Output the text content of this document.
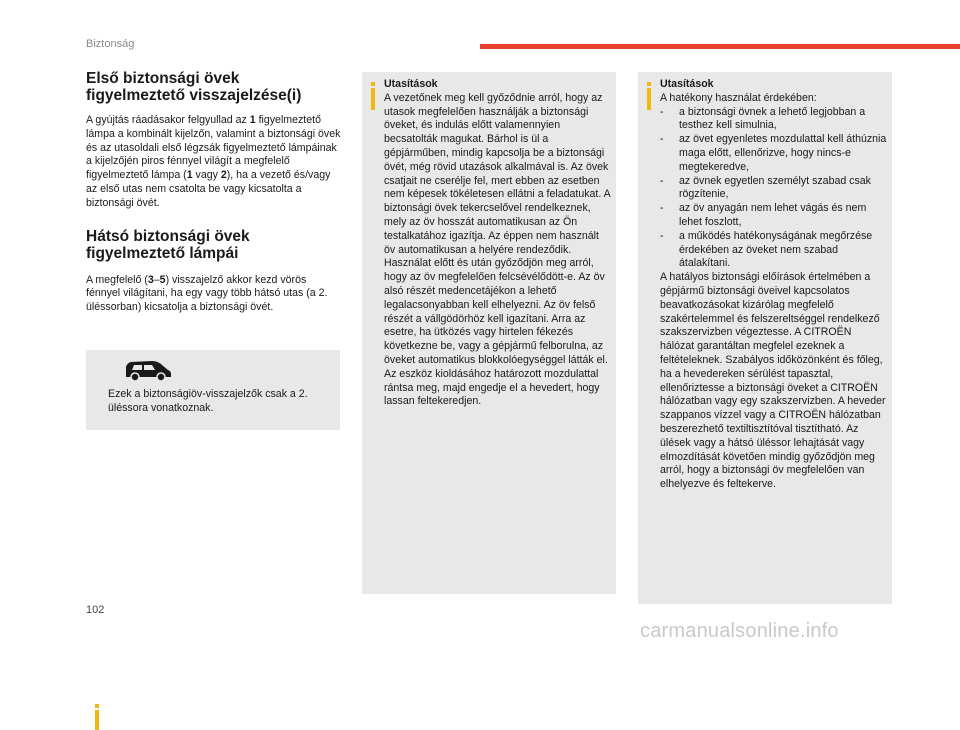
Biztonság
Első biztonsági övek
figyelmeztető visszajelzése(i)

A gyújtás ráadásakor felgyullad az 1 figyelmeztető lámpa a kombinált kijelzőn, valamint a biztonsági övek és az utasoldali első légzsák figyelmeztető lámpáinak a kijelzőjén piros fénnyel világít a megfelelő figyelmeztető lámpa (1 vagy 2), ha a vezető és/vagy az első utas nem csatolta be vagy kicsatolta a biztonsági övét.

Hátsó biztonsági övek
figyelmeztető lámpái

A megfelelő (3–5) visszajelző akkor kezd vörös fénnyel világítani, ha egy vagy több hátsó utas (a 2. üléssorban) kicsatolja a biztonsági övét.

Ezek a biztonságiöv-visszajelzők csak a 2. üléssora vonatkoznak.
Utasítások
A vezetőnek meg kell győződnie arról, hogy az utasok megfelelően használják a biztonsági öveket, és indulás előtt valamennyien becsatolták magukat. Bárhol is ül a gépjárműben, mindig kapcsolja be a biztonsági övét, még rövid utazások alkalmával is. Az övek csatjait ne cserélje fel, mert ebben az esetben nem képesek tökéletesen ellátni a feladatukat. A biztonsági övek tekercselővel rendelkeznek, mely az öv hosszát automatikusan az Ön testalkatához igazítja. Az éppen nem használt öv automatikusan a helyére rendeződik. Használat előtt és után győződjön meg arról, hogy az öv megfelelően felcsévélődött-e. Az öv alsó részét medencetájékon a lehető legalacsonyabban kell elhelyezni. Az öv felső részét a vállgödörhöz kell igazítani. Arra az esetre, ha ütközés vagy hirtelen fékezés következne be, vagy a gépjármű felborulna, az öveket automatikus blokkolóegységgel látták el. Az eszköz kioldásához határozott mozdulattal rántsa meg, majd engedje el a hevedert, hogy lassan feltekeredjen.
Utasítások
A hatékony használat érdekében:
- a biztonsági övnek a lehető legjobban a testhez kell simulnia,
- az övet egyenletes mozdulattal kell áthúznia maga előtt, ellenőrizve, hogy nincs-e megtekeredve,
- az övnek egyetlen személyt szabad csak rögzítenie,
- az öv anyagán nem lehet vágás és nem lehet foszlott,
- a működés hatékonyságának megőrzése érdekében az öveket nem szabad átalakítani.
A hatályos biztonsági előírások értelmében a gépjármű biztonsági öveivel kapcsolatos beavatkozásokat kizárólag megfelelő szakértelemmel és felszereltséggel rendelkező szakszervizben végeztesse. A CITROËN hálózat garantáltan megfelel ezeknek a feltételeknek. Szabályos időközönként és főleg, ha a hevedereken sérülést tapasztal, ellenőriztesse a biztonsági öveket a CITROËN hálózatban vagy egy szakszervizben. A heveder szappanos vízzel vagy a CITROËN hálózatban beszerezhető textiltisztítóval tisztítható. Az ülések vagy a hátsó üléssor lehajtását vagy elmozdítását követően mindig győződjön meg arról, hogy a biztonsági öv megfelelően van elhelyezve és feltekerve.
102
carmanualsonline.info
